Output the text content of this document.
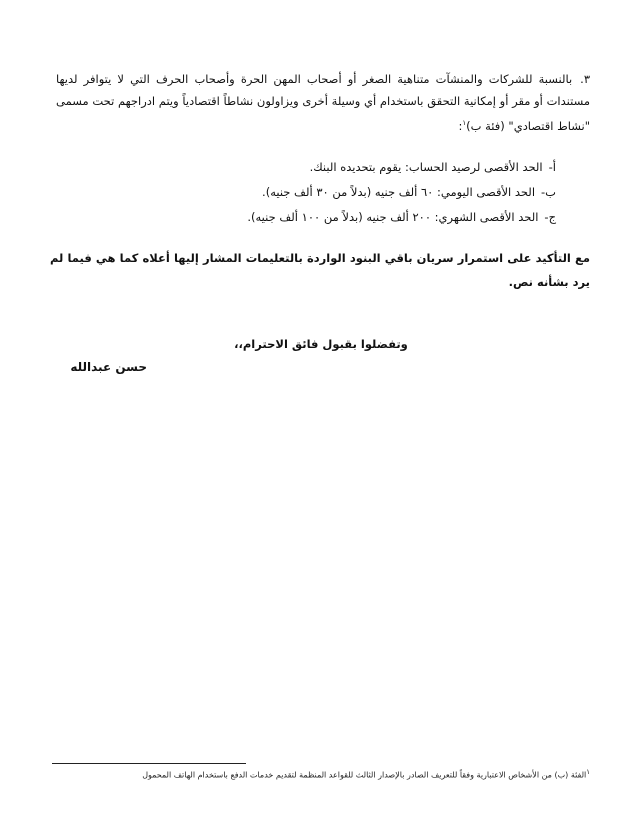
٣.بالنسبة للشركات والمنشآت متناهية الصغر أو أصحاب المهن الحرة وأصحاب الحرف التي لا يتوافر لديها مستندات أو مقر أو إمكانية التحقق باستخدام أي وسيلة أخرى ويزاولون نشاطاً اقتصادياً ويتم ادراجهم تحت مسمى "نشاط اقتصادي" (فئة ب)$^١$:
أ-الحد الأقصى لرصيد الحساب: يقوم بتحديده البنك.
ب-الحد الأقصى اليومي: ٦٠ ألف جنيه (بدلاً من ٣٠ ألف جنيه).
ج-الحد الأقصى الشهري: ٢٠٠ ألف جنيه (بدلاً من ١٠٠ ألف جنيه).
مع التأكيد على استمرار سريان باقي البنود الواردة بالتعليمات المشار إليها أعلاه كما هي فيما لم يرد بشأنه نص.
وتفضلوا بقبول فائق الاحترام،،
حسن عبدالله
$^١$الفئة (ب) من الأشخاص الاعتبارية وفقاً للتعريف الصادر بالإصدار الثالث للقواعد المنظمة لتقديم خدمات الدفع باستخدام الهاتف المحمول
